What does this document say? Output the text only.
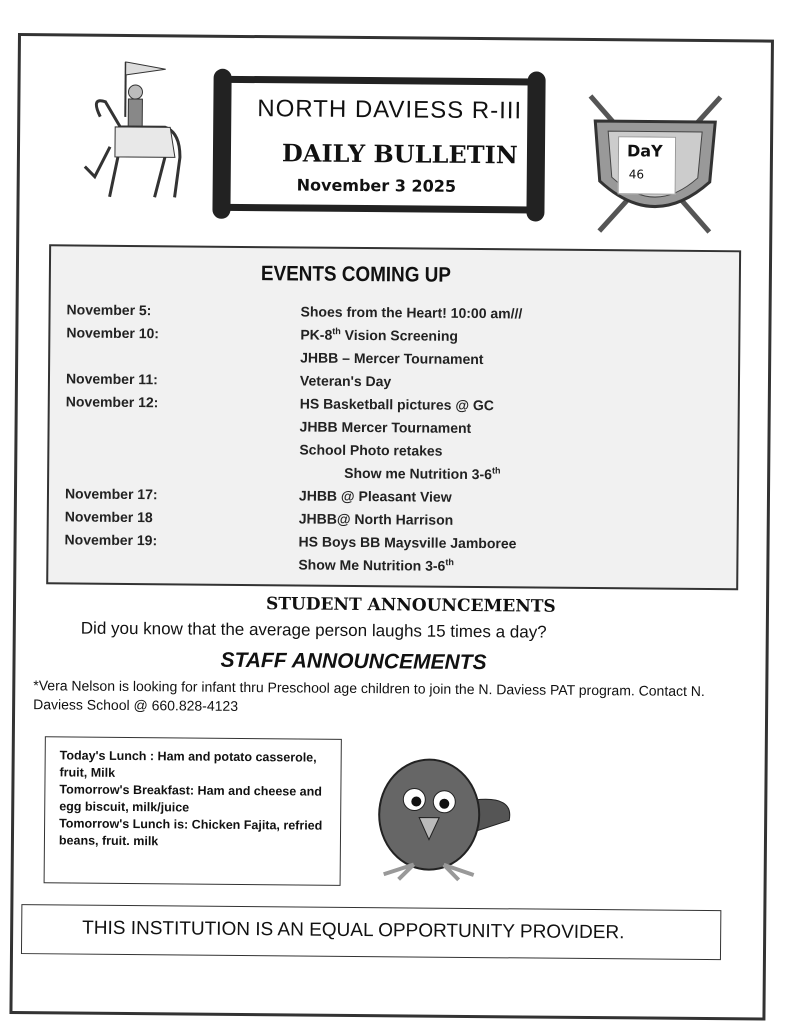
NORTH DAVIESS R-III
DAILY BULLETIN
November 3 2025
DaY
46
EVENTS COMING UP
November 5:	Shoes from the Heart! 10:00 am///
November 10:	PK-8th Vision Screening
JHBB – Mercer Tournament
November 11:	Veteran's Day
November 12:	HS Basketball pictures @ GC
JHBB Mercer Tournament
School Photo retakes
Show me Nutrition 3-6th
November 17:	JHBB @ Pleasant View
November 18	JHBB@ North Harrison
November 19:	HS Boys BB Maysville Jamboree
Show Me Nutrition 3-6th
STUDENT ANNOUNCEMENTS
Did you know that the average person laughs 15 times a day?
STAFF ANNOUNCEMENTS
*Vera Nelson is looking for infant thru Preschool age children to join the N. Daviess PAT program. Contact N. Daviess School @ 660.828-4123

Today's Lunch : Ham and potato casserole, fruit, Milk

Tomorrow's Breakfast: Ham and cheese and egg biscuit, milk/juice

Tomorrow's Lunch is: Chicken Fajita, refried beans, fruit. milk

THIS INSTITUTION IS AN EQUAL OPPORTUNITY PROVIDER.
